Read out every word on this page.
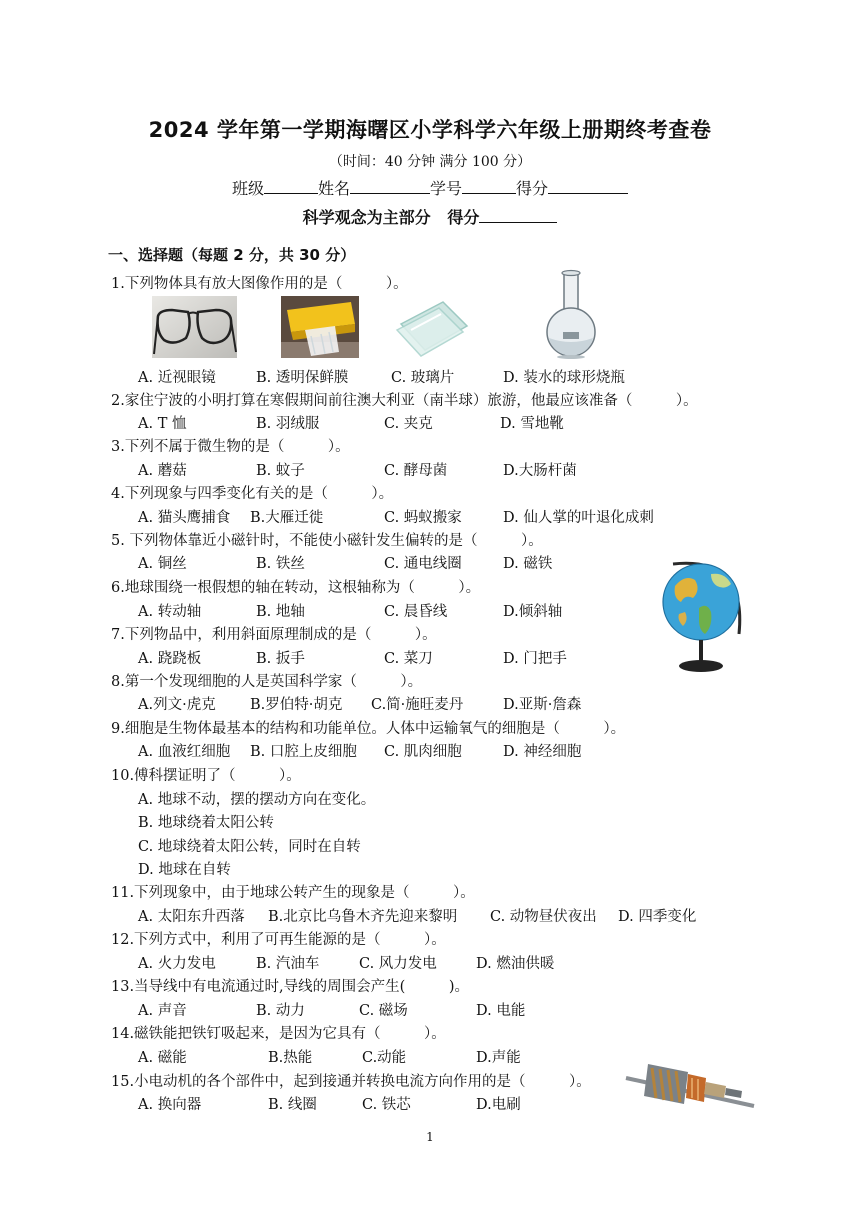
2024 学年第一学期海曙区小学科学六年级上册期终考查卷
（时间：40 分钟 满分 100 分）
班级	姓名	学号	得分
科学观念为主部分 得分
一、选择题（每题 2 分，共 30 分）
1.下列物体具有放大图像作用的是（　　　）。
A. 近视眼镜	B. 透明保鲜膜	C. 玻璃片	D. 装水的球形烧瓶
2.家住宁波的小明打算在寒假期间前往澳大利亚（南半球）旅游，他最应该准备（　　　）。
A. T 恤	B. 羽绒服	C. 夹克	D. 雪地靴
3.下列不属于微生物的是（　　　）。
A. 蘑菇	B. 蚊子	C. 酵母菌	D.大肠杆菌
4.下列现象与四季变化有关的是（　　　）。
A. 猫头鹰捕食 B.大雁迁徙	C. 蚂蚁搬家	D. 仙人掌的叶退化成刺
5. 下列物体靠近小磁针时，不能使小磁针发生偏转的是（　　　）。
A. 铜丝	B. 铁丝	C. 通电线圈	D. 磁铁
6.地球围绕一根假想的轴在转动，这根轴称为（　　　）。
A. 转动轴	B. 地轴	C. 晨昏线	D.倾斜轴
7.下列物品中，利用斜面原理制成的是（　　　）。
A. 跷跷板	B. 扳手	C. 菜刀	D. 门把手
8.第一个发现细胞的人是英国科学家（　　　）。
A.列文·虎克 B.罗伯特·胡克 C.简·施旺麦丹	D.亚斯·詹森
9.细胞是生物体最基本的结构和功能单位。人体中运输氧气的细胞是（　　　）。
A. 血液红细胞 B. 口腔上皮细胞 C. 肌肉细胞	D. 神经细胞
10.傅科摆证明了（　　　）。
A. 地球不动，摆的摆动方向在变化。
B. 地球绕着太阳公转
C. 地球绕着太阳公转，同时在自转
D. 地球在自转
11.下列现象中，由于地球公转产生的现象是（　　　）。
A. 太阳东升西落 B.北京比乌鲁木齐先迎来黎明 C. 动物昼伏夜出 D. 四季变化
12.下列方式中，利用了可再生能源的是（　　　）。
A. 火力发电	B. 汽油车	C. 风力发电	D. 燃油供暖
13.当导线中有电流通过时,导线的周围会产生(　　　)。
A. 声音	B. 动力	C. 磁场	D. 电能
14.磁铁能把铁钉吸起来，是因为它具有（　　　）。
A. 磁能	B.热能	C.动能	D.声能
15.小电动机的各个部件中，起到接通并转换电流方向作用的是（　　　）。
A. 换向器	B. 线圈	C. 铁芯	D.电刷
1
